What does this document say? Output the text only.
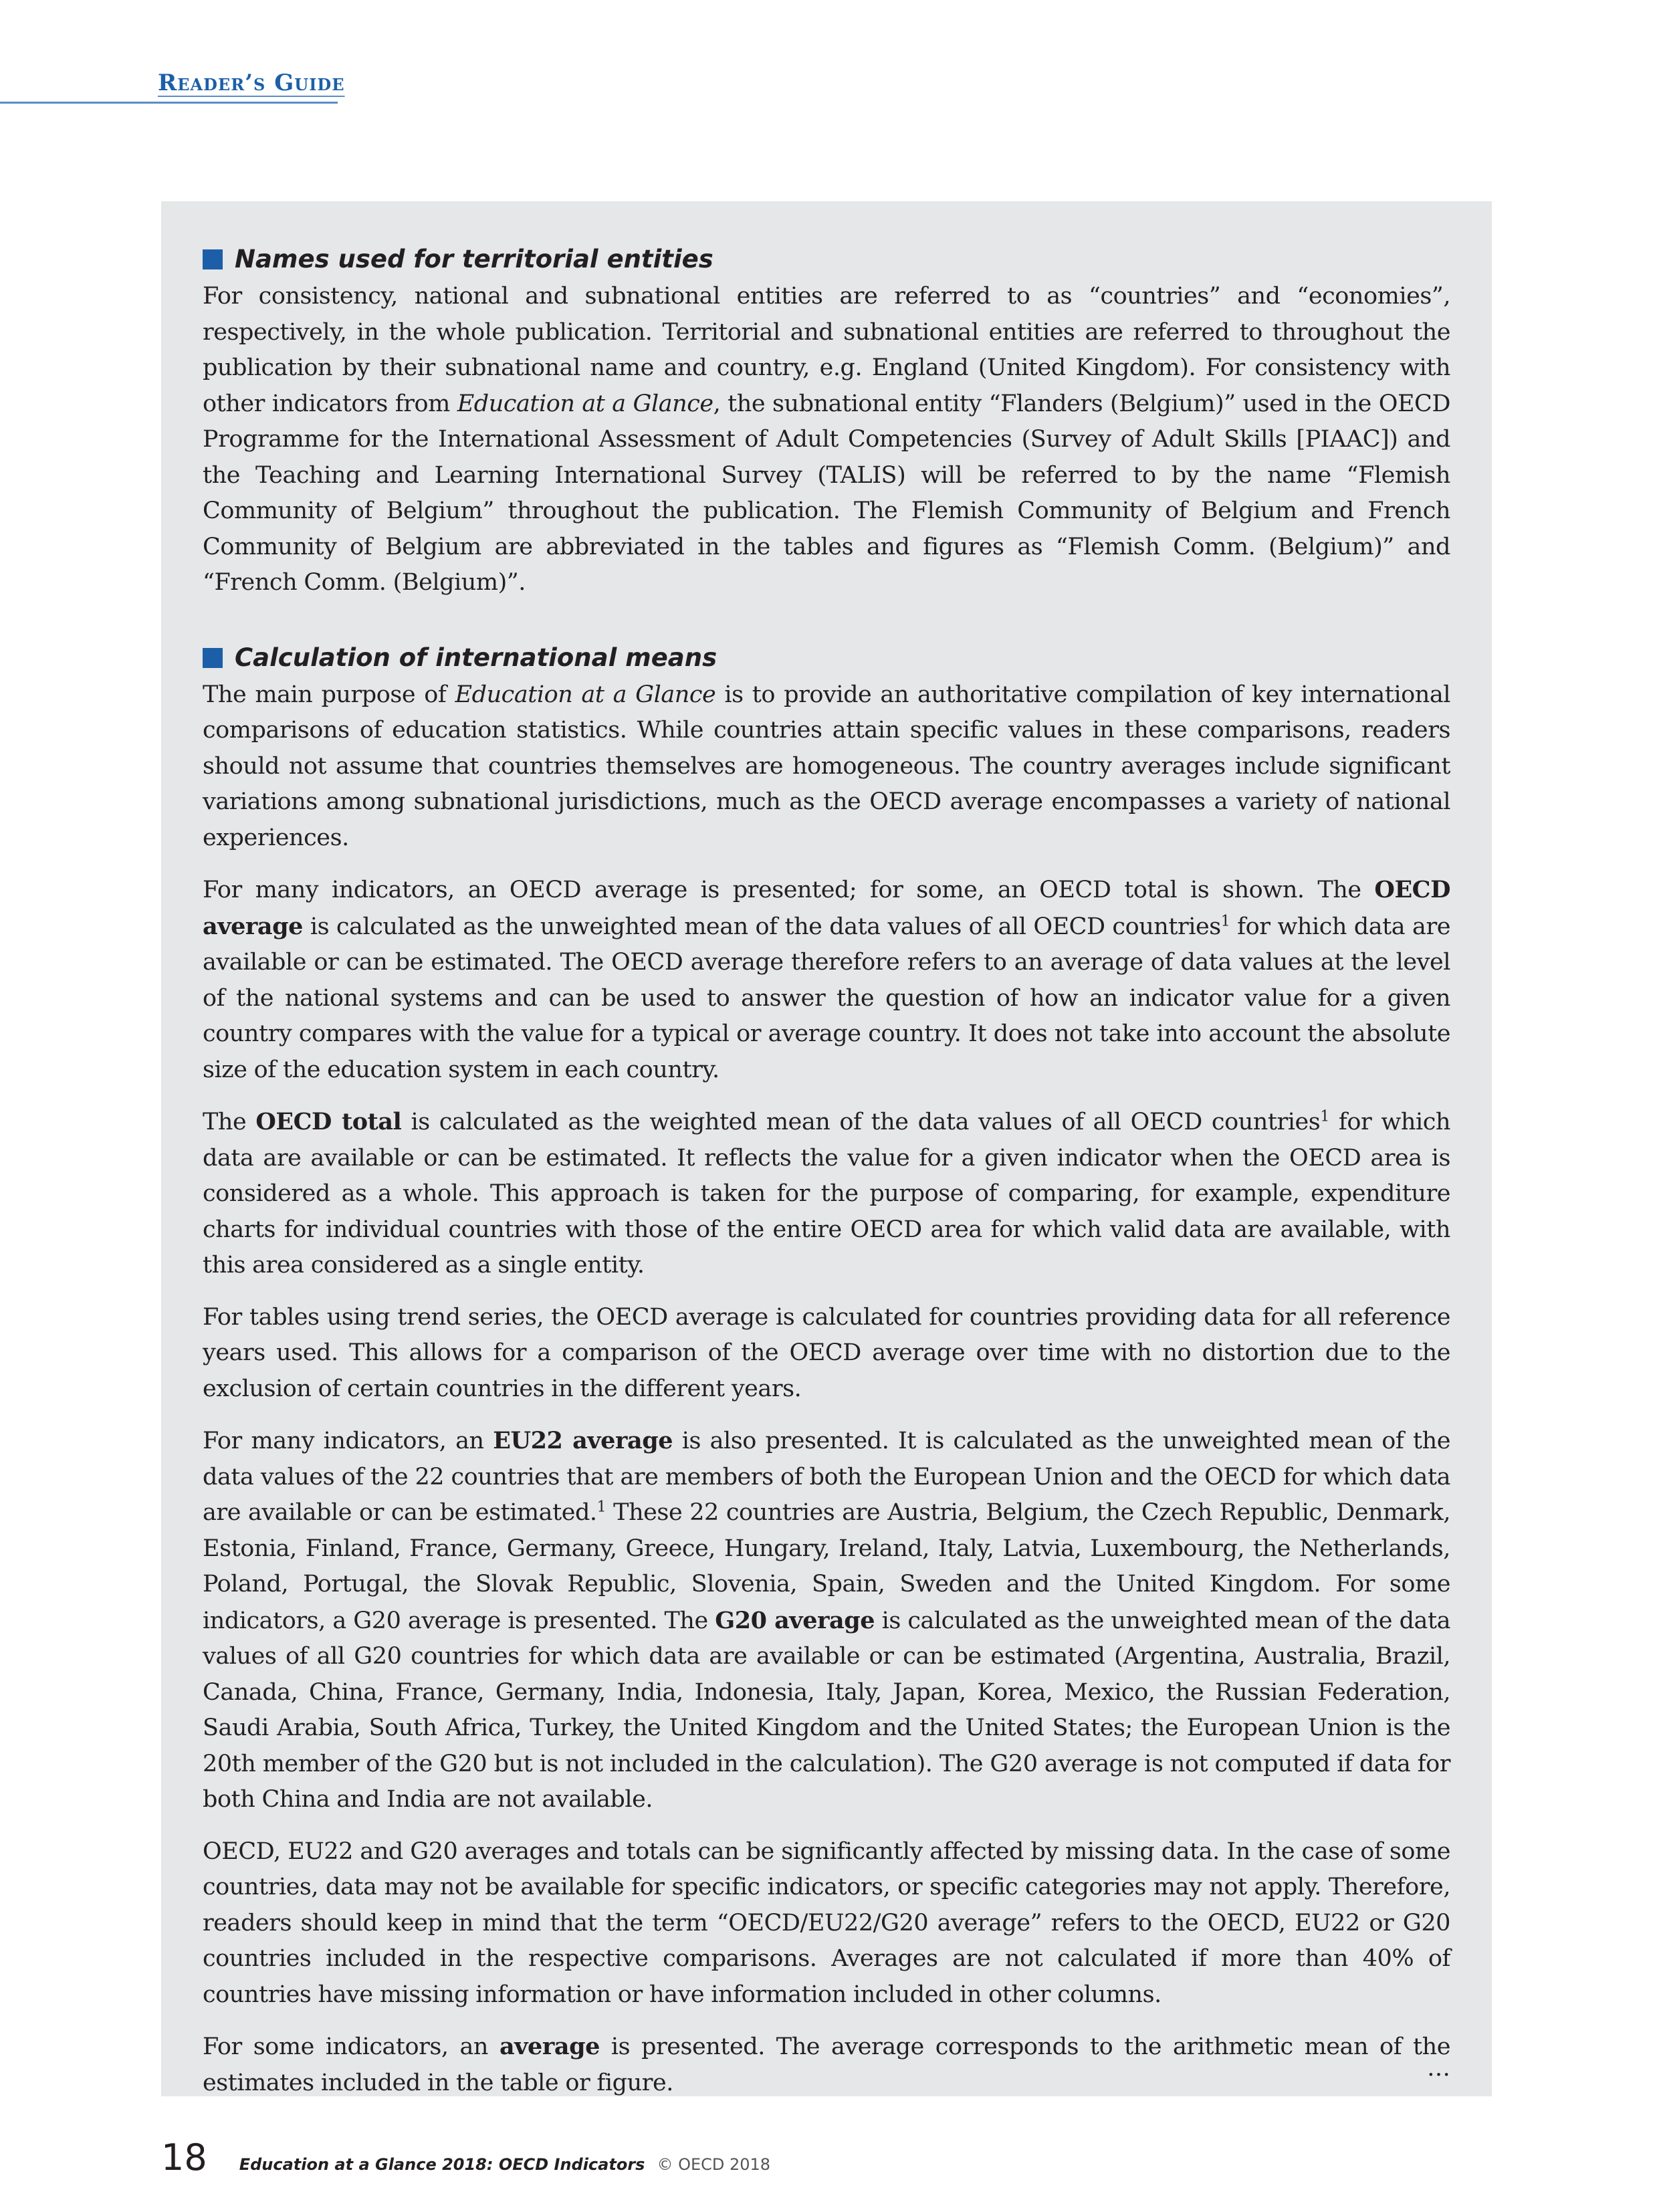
Reader’s Guide
Names used for territorial entities

For consistency, national and subnational entities are referred to as “countries” and “economies”, respectively, in the whole publication. Territorial and subnational entities are referred to throughout the publication by their subnational name and country, e.g. England (United Kingdom). For consistency with other indicators from Education at a Glance, the subnational entity “Flanders (Belgium)” used in the OECD Programme for the International Assessment of Adult Competencies (Survey of Adult Skills [PIAAC]) and the Teaching and Learning International Survey (TALIS) will be referred to by the name “Flemish Community of Belgium” throughout the publication. The Flemish Community of Belgium and French Community of Belgium are abbreviated in the tables and figures as “Flemish Comm. (Belgium)” and “French Comm. (Belgium)”.

Calculation of international means

The main purpose of Education at a Glance is to provide an authoritative compilation of key international comparisons of education statistics. While countries attain specific values in these comparisons, readers should not assume that countries themselves are homogeneous. The country averages include significant variations among subnational jurisdictions, much as the OECD average encompasses a variety of national experiences.

For many indicators, an OECD average is presented; for some, an OECD total is shown. The OECD average is calculated as the unweighted mean of the data values of all OECD countries$^1$ for which data are available or can be estimated. The OECD average therefore refers to an average of data values at the level of the national systems and can be used to answer the question of how an indicator value for a given country compares with the value for a typical or average country. It does not take into account the absolute size of the education system in each country.

The OECD total is calculated as the weighted mean of the data values of all OECD countries$^1$ for which data are available or can be estimated. It reflects the value for a given indicator when the OECD area is considered as a whole. This approach is taken for the purpose of comparing, for example, expenditure charts for individual countries with those of the entire OECD area for which valid data are available, with this area considered as a single entity.

For tables using trend series, the OECD average is calculated for countries providing data for all reference years used. This allows for a comparison of the OECD average over time with no distortion due to the exclusion of certain countries in the different years.

For many indicators, an EU22 average is also presented. It is calculated as the unweighted mean of the data values of the 22 countries that are members of both the European Union and the OECD for which data are available or can be estimated.$^1$ These 22 countries are Austria, Belgium, the Czech Republic, Denmark, Estonia, Finland, France, Germany, Greece, Hungary, Ireland, Italy, Latvia, Luxembourg, the Netherlands, Poland, Portugal, the Slovak Republic, Slovenia, Spain, Sweden and the United Kingdom. For some indicators, a G20 average is presented. The G20 average is calculated as the unweighted mean of the data values of all G20 countries for which data are available or can be estimated (Argentina, Australia, Brazil, Canada, China, France, Germany, India, Indonesia, Italy, Japan, Korea, Mexico, the Russian Federation, Saudi Arabia, South Africa, Turkey, the United Kingdom and the United States; the European Union is the 20th member of the G20 but is not included in the calculation). The G20 average is not computed if data for both China and India are not available.

OECD, EU22 and G20 averages and totals can be significantly affected by missing data. In the case of some countries, data may not be available for specific indicators, or specific categories may not apply. Therefore, readers should keep in mind that the term “OECD/EU22/G20 average” refers to the OECD, EU22 or G20 countries included in the respective comparisons. Averages are not calculated if more than 40% of countries have missing information or have information included in other columns.

For some indicators, an average is presented. The average corresponds to the arithmetic mean of the estimates included in the table or figure.

…
18 Education at a Glance 2018: OECD Indicators © OECD 2018
